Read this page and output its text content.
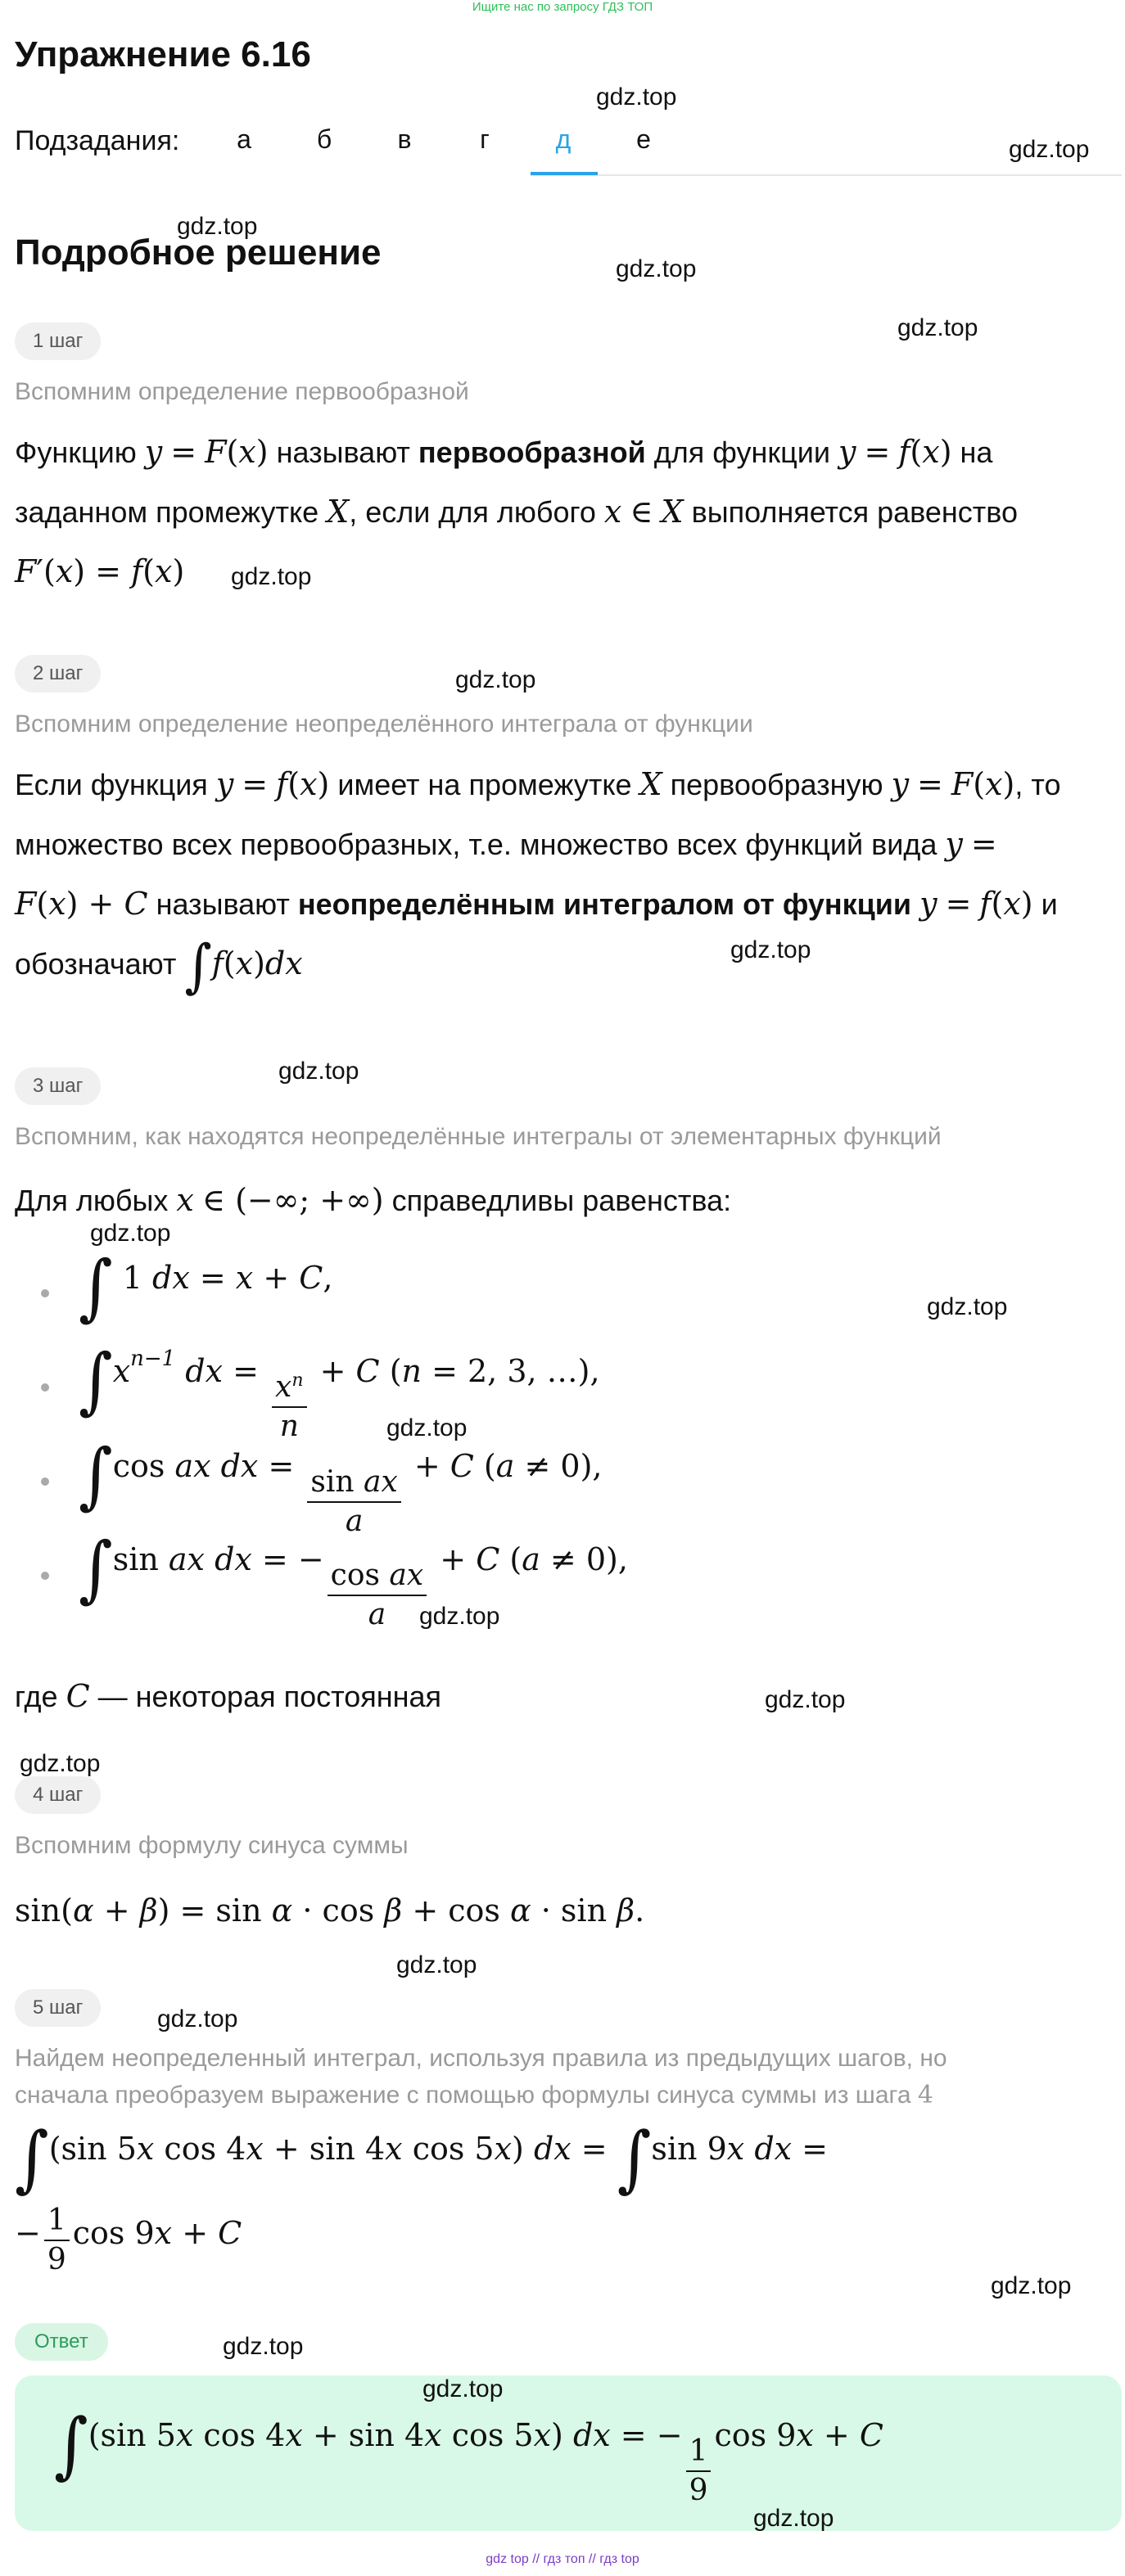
Ищите нас по запросу ГДЗ ТОП
Упражнение 6.16
Подзадания:	а	б	в	г	д	е
Подробное решение
1 шаг
Вспомним определение первообразной
Функцию y = F(x) называют первообразной для функции y = f(x) на
заданном промежутке X, если для любого x ∈ X выполняется равенство
F′(x) = f(x)
2 шаг
Вспомним определение неопределённого интеграла от функции
Если функция y = f(x) имеет на промежутке X первообразную y = F(x), то
множество всех первообразных, т.е. множество всех функций вида y =
F(x) + C называют неопределённым интегралом от функции y = f(x) и
обозначают ∫f(x)dx
3 шаг
Вспомним, как находятся неопределённые интегралы от элементарных функций
Для любых x ∈ (−∞; +∞) справедливы равенства:
∫ 1 dx = x + C,
$\int x^{n-1}$ dx = $\frac{x^n}{n} + C$ (n = 2, 3, …),
∫cos ax dx = $\frac{\text{sin ax}}{a} + C$ (a ≠ 0),
∫sin ax dx = − $\frac{\text{cos ax}}{a} + C$ (a ≠ 0),
где C — некоторая постоянная
4 шаг
Вспомним формулу синуса суммы
sin(α + β) = sin α · cos β + cos α · sin β.
5 шаг
Найдем неопределенный интеграл, используя правила из предыдущих шагов, но
сначала преобразуем выражение с помощью формулы синуса суммы из шага 4
∫(sin 5x cos 4x + sin 4x cos 5x) dx = ∫sin 9x dx =
− $\frac{1}{9}$ cos 9x + C
Ответ
∫(sin 5x cos 4x + sin 4x cos 5x) dx = − $\frac{1}{9}$ cos 9x + C
gdz.top
gdz.top
gdz.top
gdz.top
gdz.top
gdz.top
gdz.top
gdz.top
gdz.top
gdz.top
gdz.top
gdz.top
gdz.top
gdz.top
gdz.top
gdz.top
gdz.top
gdz.top
gdz.top
gdz.top
gdz.top
gdz top // гдз топ // гдз top
